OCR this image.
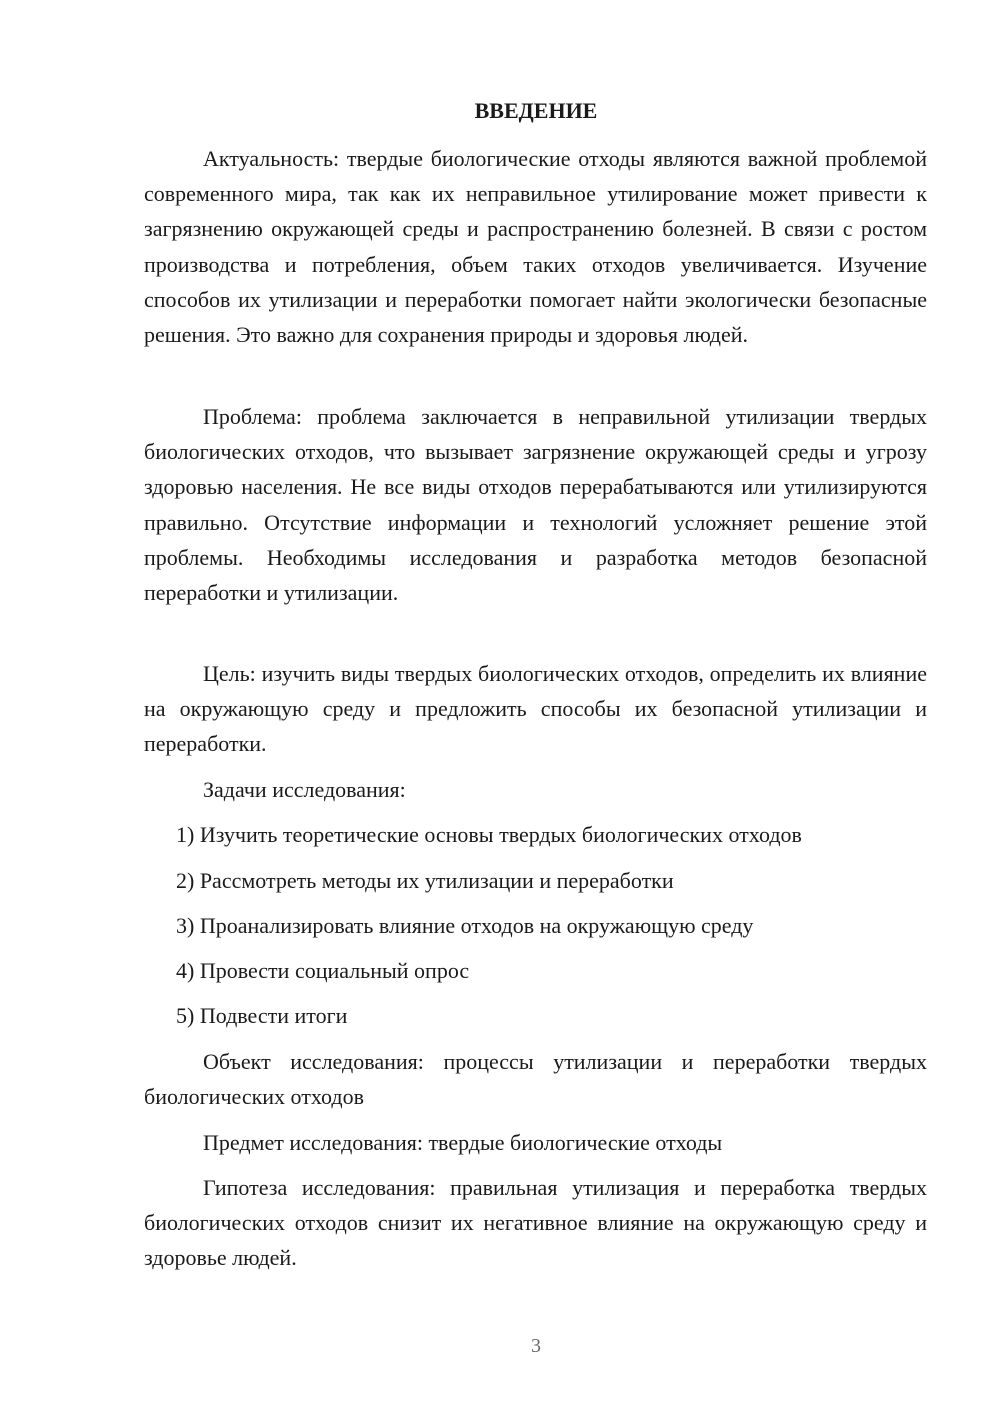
ВВЕДЕНИЕ

Актуальность: твердые биологические отходы являются важной проблемой современного мира, так как их неправильное утилирование может привести к загрязнению окружающей среды и распространению болезней. В связи с ростом производства и потребления, объем таких отходов увеличивается. Изучение способов их утилизации и переработки помогает найти экологически безопасные решения. Это важно для сохранения природы и здоровья людей.

Проблема: проблема заключается в неправильной утилизации твердых биологических отходов, что вызывает загрязнение окружающей среды и угрозу здоровью населения. Не все виды отходов перерабатываются или утилизируются правильно. Отсутствие информации и технологий усложняет решение этой проблемы. Необходимы исследования и разработка методов безопасной переработки и утилизации.

Цель: изучить виды твердых биологических отходов, определить их влияние на окружающую среду и предложить способы их безопасной утилизации и переработки.

Задачи исследования:

1) Изучить теоретические основы твердых биологических отходов

2) Рассмотреть методы их утилизации и переработки

3) Проанализировать влияние отходов на окружающую среду

4) Провести социальный опрос

5) Подвести итоги

Объект исследования: процессы утилизации и переработки твердых биологических отходов

Предмет исследования: твердые биологические отходы

Гипотеза исследования: правильная утилизация и переработка твердых биологических отходов снизит их негативное влияние на окружающую среду и здоровье людей.

3
